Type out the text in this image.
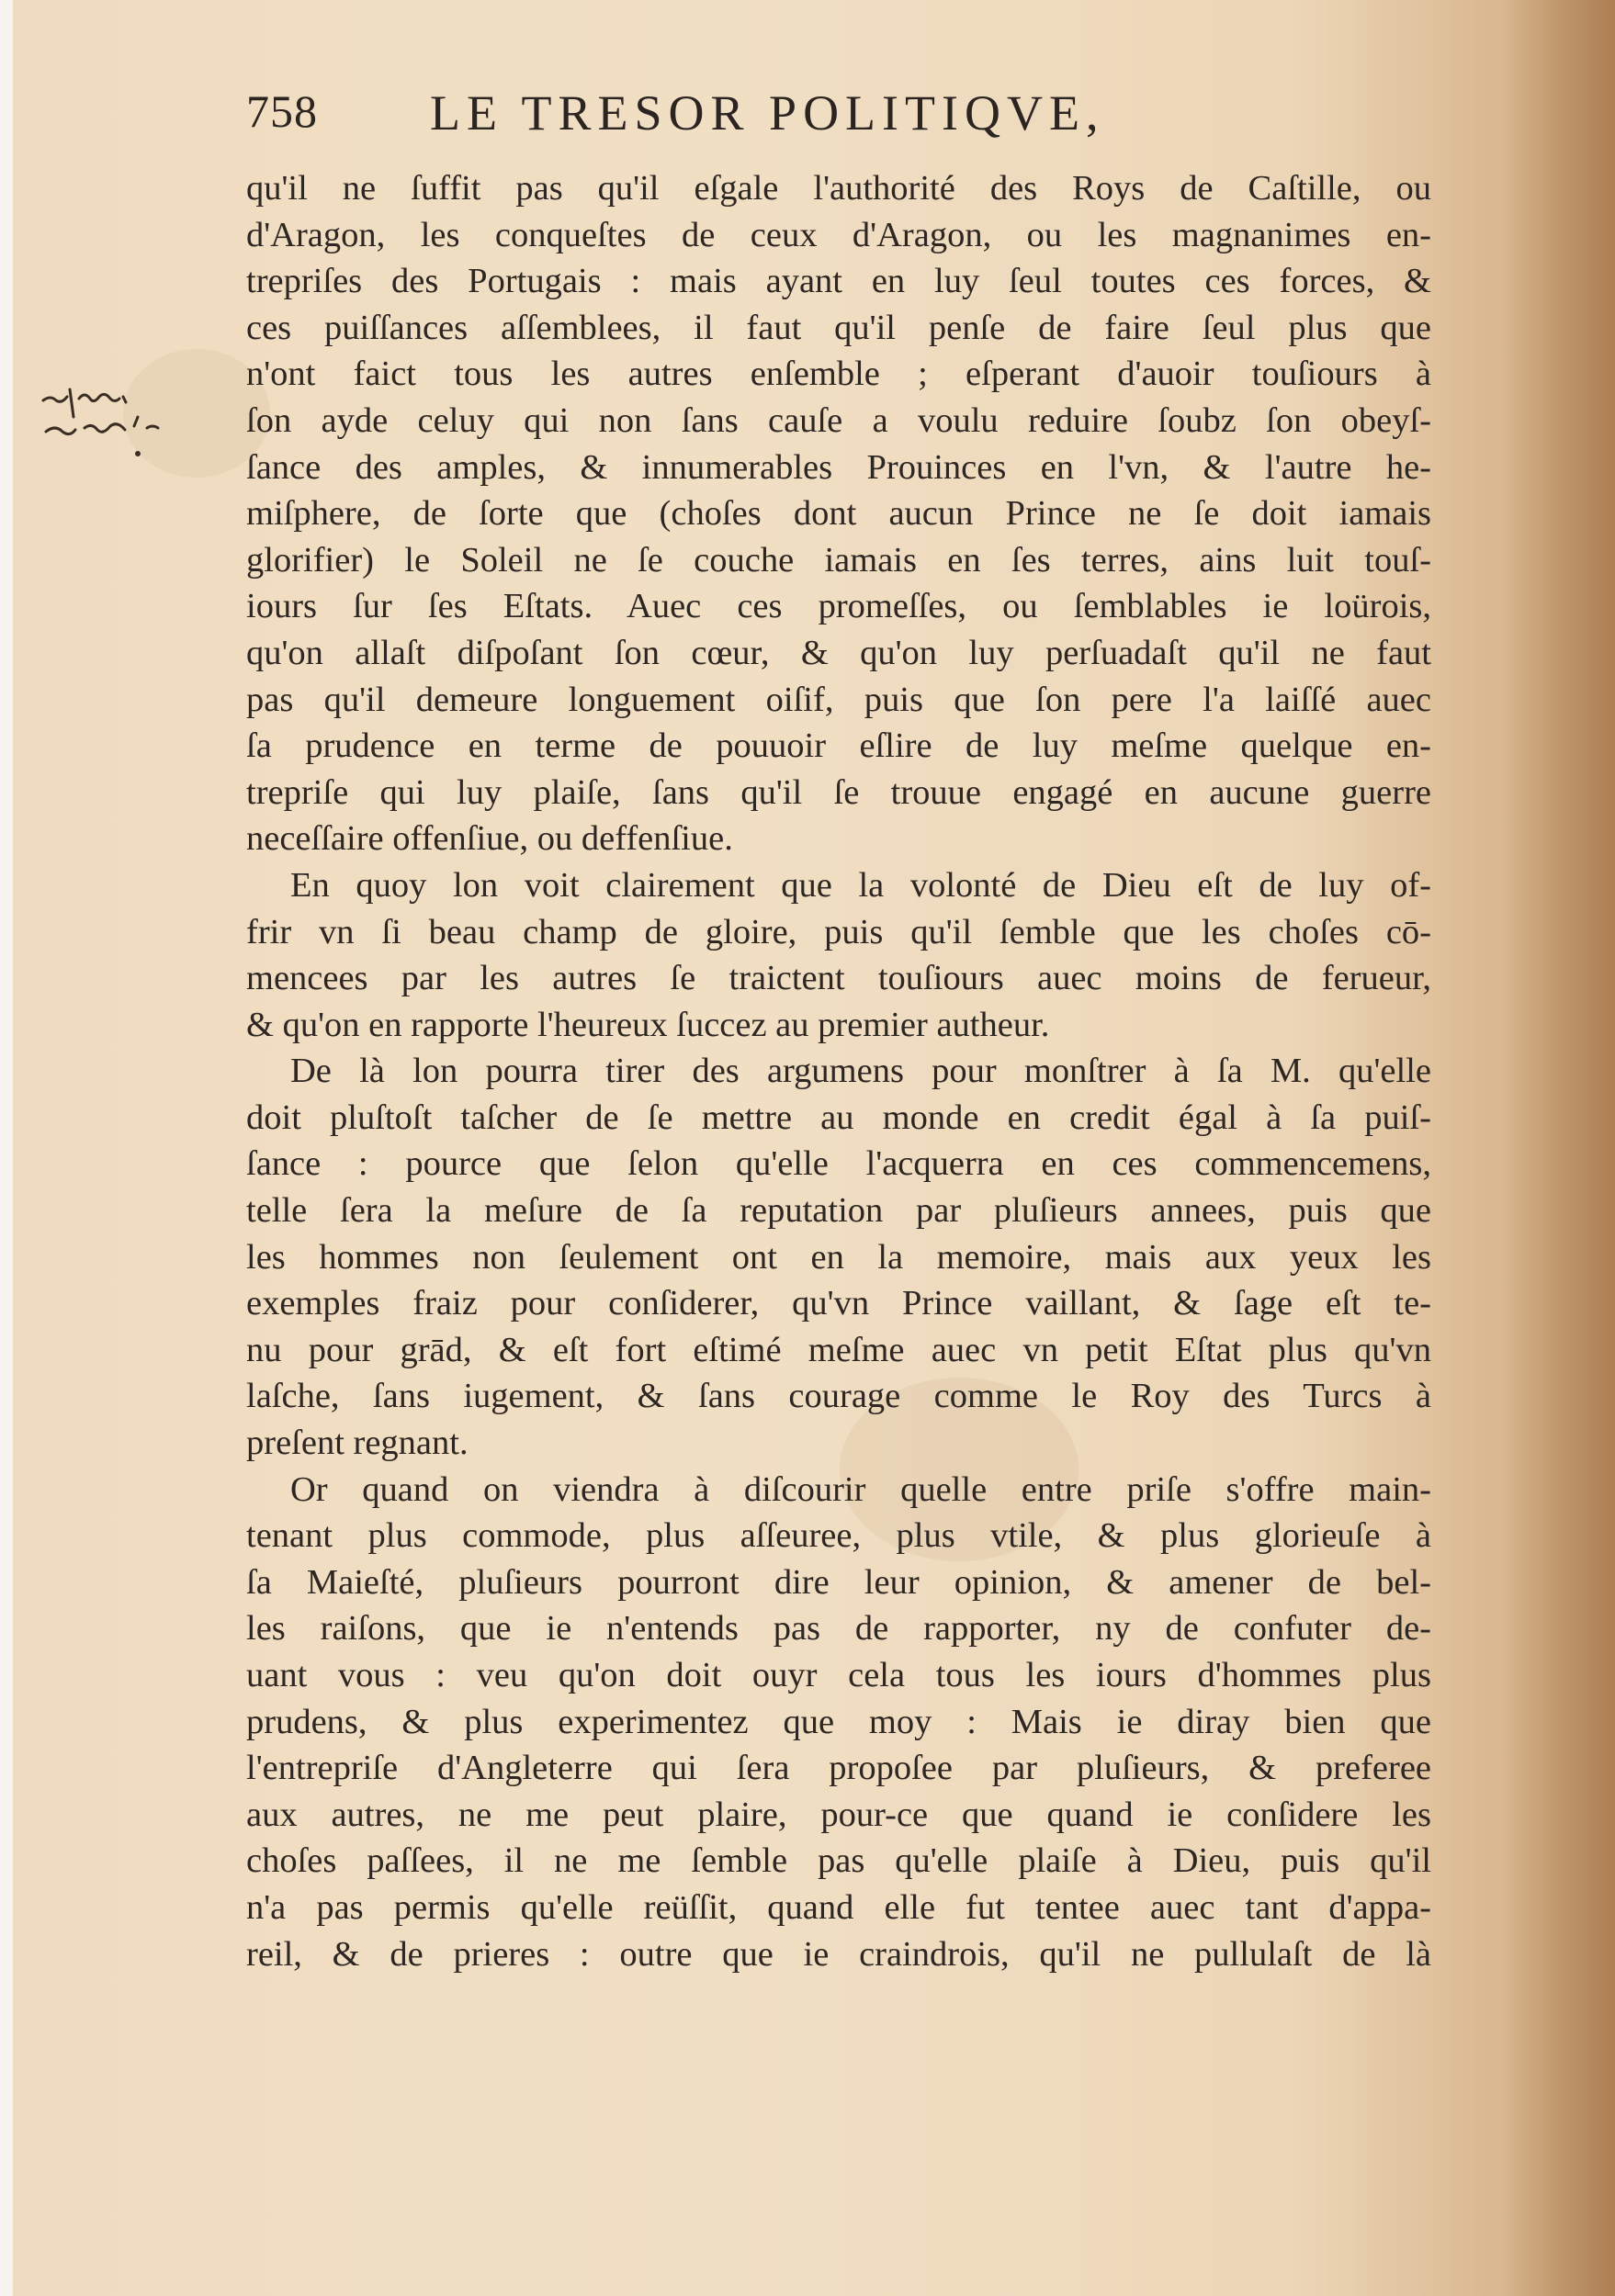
758 LE TRESOR POLITIQVE,
qu'il ne ſuffit pas qu'il eſgale l'authorité des Roys de Caſtille, ou
d'Aragon, les conqueſtes de ceux d'Aragon, ou les magnanimes en-
trepriſes des Portugais : mais ayant en luy ſeul toutes ces forces, &
ces puiſſances aſſemblees, il faut qu'il penſe de faire ſeul plus que
n'ont faict tous les autres enſemble ; eſperant d'auoir touſiours à
ſon ayde celuy qui non ſans cauſe a voulu reduire ſoubz ſon obeyſ-
ſance des amples, & innumerables Prouinces en l'vn, & l'autre he-
miſphere, de ſorte que (choſes dont aucun Prince ne ſe doit iamais
glorifier) le Soleil ne ſe couche iamais en ſes terres, ains luit touſ-
iours ſur ſes Eſtats. Auec ces promeſſes, ou ſemblables ie loürois,
qu'on allaſt diſpoſant ſon cœur, & qu'on luy perſuadaſt qu'il ne faut
pas qu'il demeure longuement oiſif, puis que ſon pere l'a laiſſé auec
ſa prudence en terme de pouuoir eſlire de luy meſme quelque en-
trepriſe qui luy plaiſe, ſans qu'il ſe trouue engagé en aucune guerre
neceſſaire offenſiue, ou deffenſiue.
En quoy lon voit clairement que la volonté de Dieu eſt de luy of-
frir vn ſi beau champ de gloire, puis qu'il ſemble que les choſes cō-
mencees par les autres ſe traictent touſiours auec moins de ferueur,
& qu'on en rapporte l'heureux ſuccez au premier autheur.
De là lon pourra tirer des argumens pour monſtrer à ſa M. qu'elle
doit pluſtoſt taſcher de ſe mettre au monde en credit égal à ſa puiſ-
ſance : pource que ſelon qu'elle l'acquerra en ces commencemens,
telle ſera la meſure de ſa reputation par pluſieurs annees, puis que
les hommes non ſeulement ont en la memoire, mais aux yeux les
exemples fraiz pour conſiderer, qu'vn Prince vaillant, & ſage eſt te-
nu pour grād, & eſt fort eſtimé meſme auec vn petit Eſtat plus qu'vn
laſche, ſans iugement, & ſans courage comme le Roy des Turcs à
preſent regnant.
Or quand on viendra à diſcourir quelle entre priſe s'offre main-
tenant plus commode, plus aſſeuree, plus vtile, & plus glorieuſe à
ſa Maieſté, pluſieurs pourront dire leur opinion, & amener de bel-
les raiſons, que ie n'entends pas de rapporter, ny de confuter de-
uant vous : veu qu'on doit ouyr cela tous les iours d'hommes plus
prudens, & plus experimentez que moy : Mais ie diray bien que
l'entrepriſe d'Angleterre qui ſera propoſee par pluſieurs, & preferee
aux autres, ne me peut plaire, pour-ce que quand ie conſidere les
choſes paſſees, il ne me ſemble pas qu'elle plaiſe à Dieu, puis qu'il
n'a pas permis qu'elle reüſſit, quand elle fut tentee auec tant d'appa-
reil, & de prieres : outre que ie craindrois, qu'il ne pullulaſt de là
